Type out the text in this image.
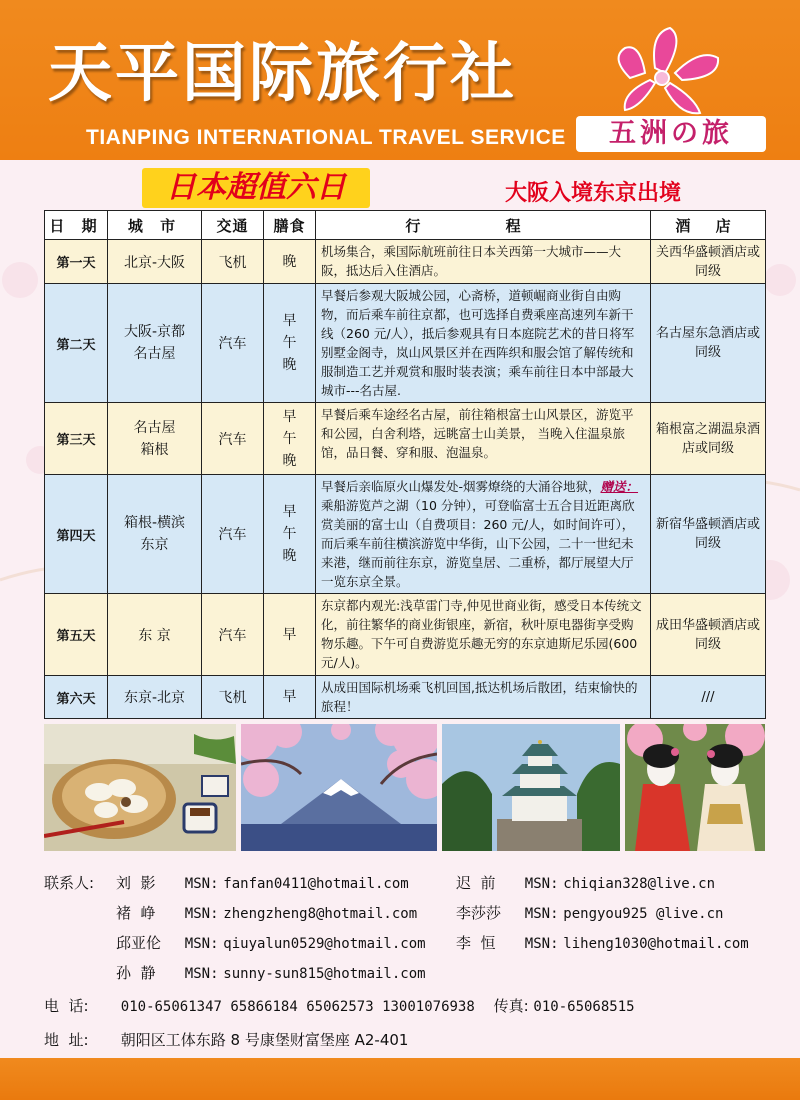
天平国际旅行社
TIANPING INTERNATIONAL TRAVEL SERVICE	五洲の旅
日本超值六日	大阪入境东京出境
日 期	城 市	交通	膳食	行 程	酒 店
第一天	北京-大阪	飞机	晚	机场集合，乘国际航班前往日本关西第一大城市——大阪，抵达后入住酒店。	关西华盛顿酒店或同级
第二天	大阪-京都名古屋	汽车	早午晚	早餐后参观大阪城公园，心斋桥，道顿崛商业街自由购物，而后乘车前往京都，也可选择自费乘座高速列车新干线（260 元/人），抵后参观具有日本庭院艺术的昔日将军别墅金阁寺，岚山风景区并在西阵织和服会馆了解传统和服制造工艺并观赏和服时装表演；乘车前往日本中部最大城市---名古屋.	名古屋东急酒店或同级
第三天	名古屋箱根	汽车	早午晚	早餐后乘车途经名古屋，前往箱根富士山风景区，游览平和公园，白舍利塔，远眺富士山美景， 当晚入住温泉旅馆，品日餐、穿和服、泡温泉。	箱根富之湖温泉酒店或同级
第四天	箱根-横滨东京	汽车	早午晚	早餐后亲临原火山爆发处-烟雾燎绕的大涌谷地狱，赠送：乘船游览芦之湖（10 分钟），可登临富士五合目近距离欣赏美丽的富士山（自费项目：260 元/人，如时间许可），而后乘车前往横滨游览中华街，山下公园，二十一世纪未来港，继而前往东京，游览皇居、二重桥，都厅展望大厅一览东京全景。	新宿华盛顿酒店或同级
第五天	东 京	汽车	早	东京都内观光:浅草雷门寺,仲见世商业街，感受日本传统文化，前往繁华的商业街银座，新宿，秋叶原电器街享受购物乐趣。下午可自费游览乐趣无穷的东京迪斯尼乐园(600 元/人)。	成田华盛顿酒店或同级
第六天	东京-北京	飞机	早	从成田国际机场乘飞机回国,抵达机场后散团，结束愉快的旅程！	///
联系人: 刘  影 MSN: fanfan0411@hotmail.com	迟  前 MSN: chiqian328@live.cn
褚  峥 MSN: zhengzheng8@hotmail.com	李莎莎 MSN: pengyou925 @live.cn
邱亚伦 MSN: qiuyalun0529@hotmail.com 李  恒 MSN: liheng1030@hotmail.com
孙  静 MSN: sunny-sun815@hotmail.com
电  话: 010-65061347 65866184 65062573 13001076938 传真: 010-65068515
地  址: 朝阳区工体东路 8 号康堡财富堡座 A2-401
